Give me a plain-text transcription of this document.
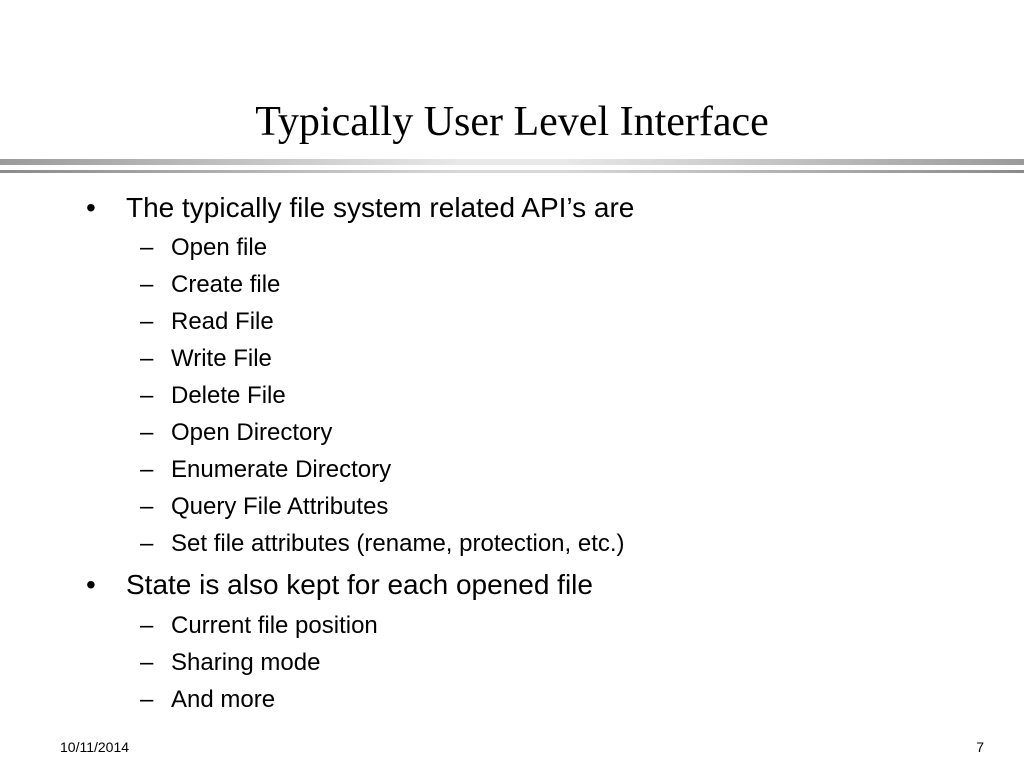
Typically User Level Interface
• The typically file system related API’s are
– Open file
– Create file
– Read File
– Write File
– Delete File
– Open Directory
– Enumerate Directory
– Query File Attributes
– Set file attributes (rename, protection, etc.)
• State is also kept for each opened file
– Current file position
– Sharing mode
– And more
10/11/2014	7
